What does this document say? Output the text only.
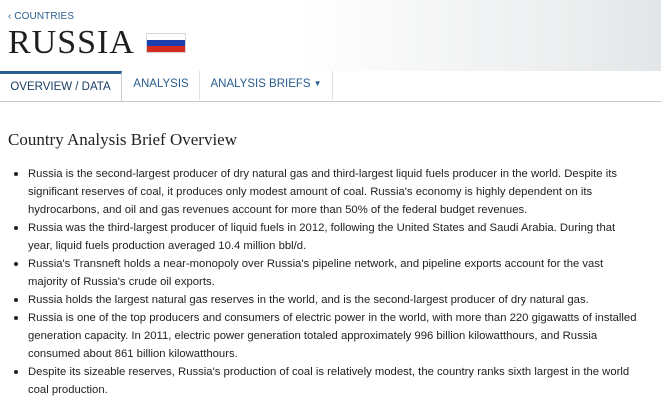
‹ COUNTRIES
RUSSIA
OVERVIEW / DATA	ANALYSIS	ANALYSIS BRIEFS ▼
Country Analysis Brief Overview
Russia is the second-largest producer of dry natural gas and third-largest liquid fuels producer in the world. Despite its significant reserves of coal, it produces only modest amount of coal. Russia's economy is highly dependent on its hydrocarbons, and oil and gas revenues account for more than 50% of the federal budget revenues.
Russia was the third-largest producer of liquid fuels in 2012, following the United States and Saudi Arabia. During that year, liquid fuels production averaged 10.4 million bbl/d.
Russia's Transneft holds a near-monopoly over Russia's pipeline network, and pipeline exports account for the vast majority of Russia's crude oil exports.
Russia holds the largest natural gas reserves in the world, and is the second-largest producer of dry natural gas.
Russia is one of the top producers and consumers of electric power in the world, with more than 220 gigawatts of installed generation capacity. In 2011, electric power generation totaled approximately 996 billion kilowatthours, and Russia consumed about 861 billion kilowatthours.
Despite its sizeable reserves, Russia's production of coal is relatively modest, the country ranks sixth largest in the world coal production.
